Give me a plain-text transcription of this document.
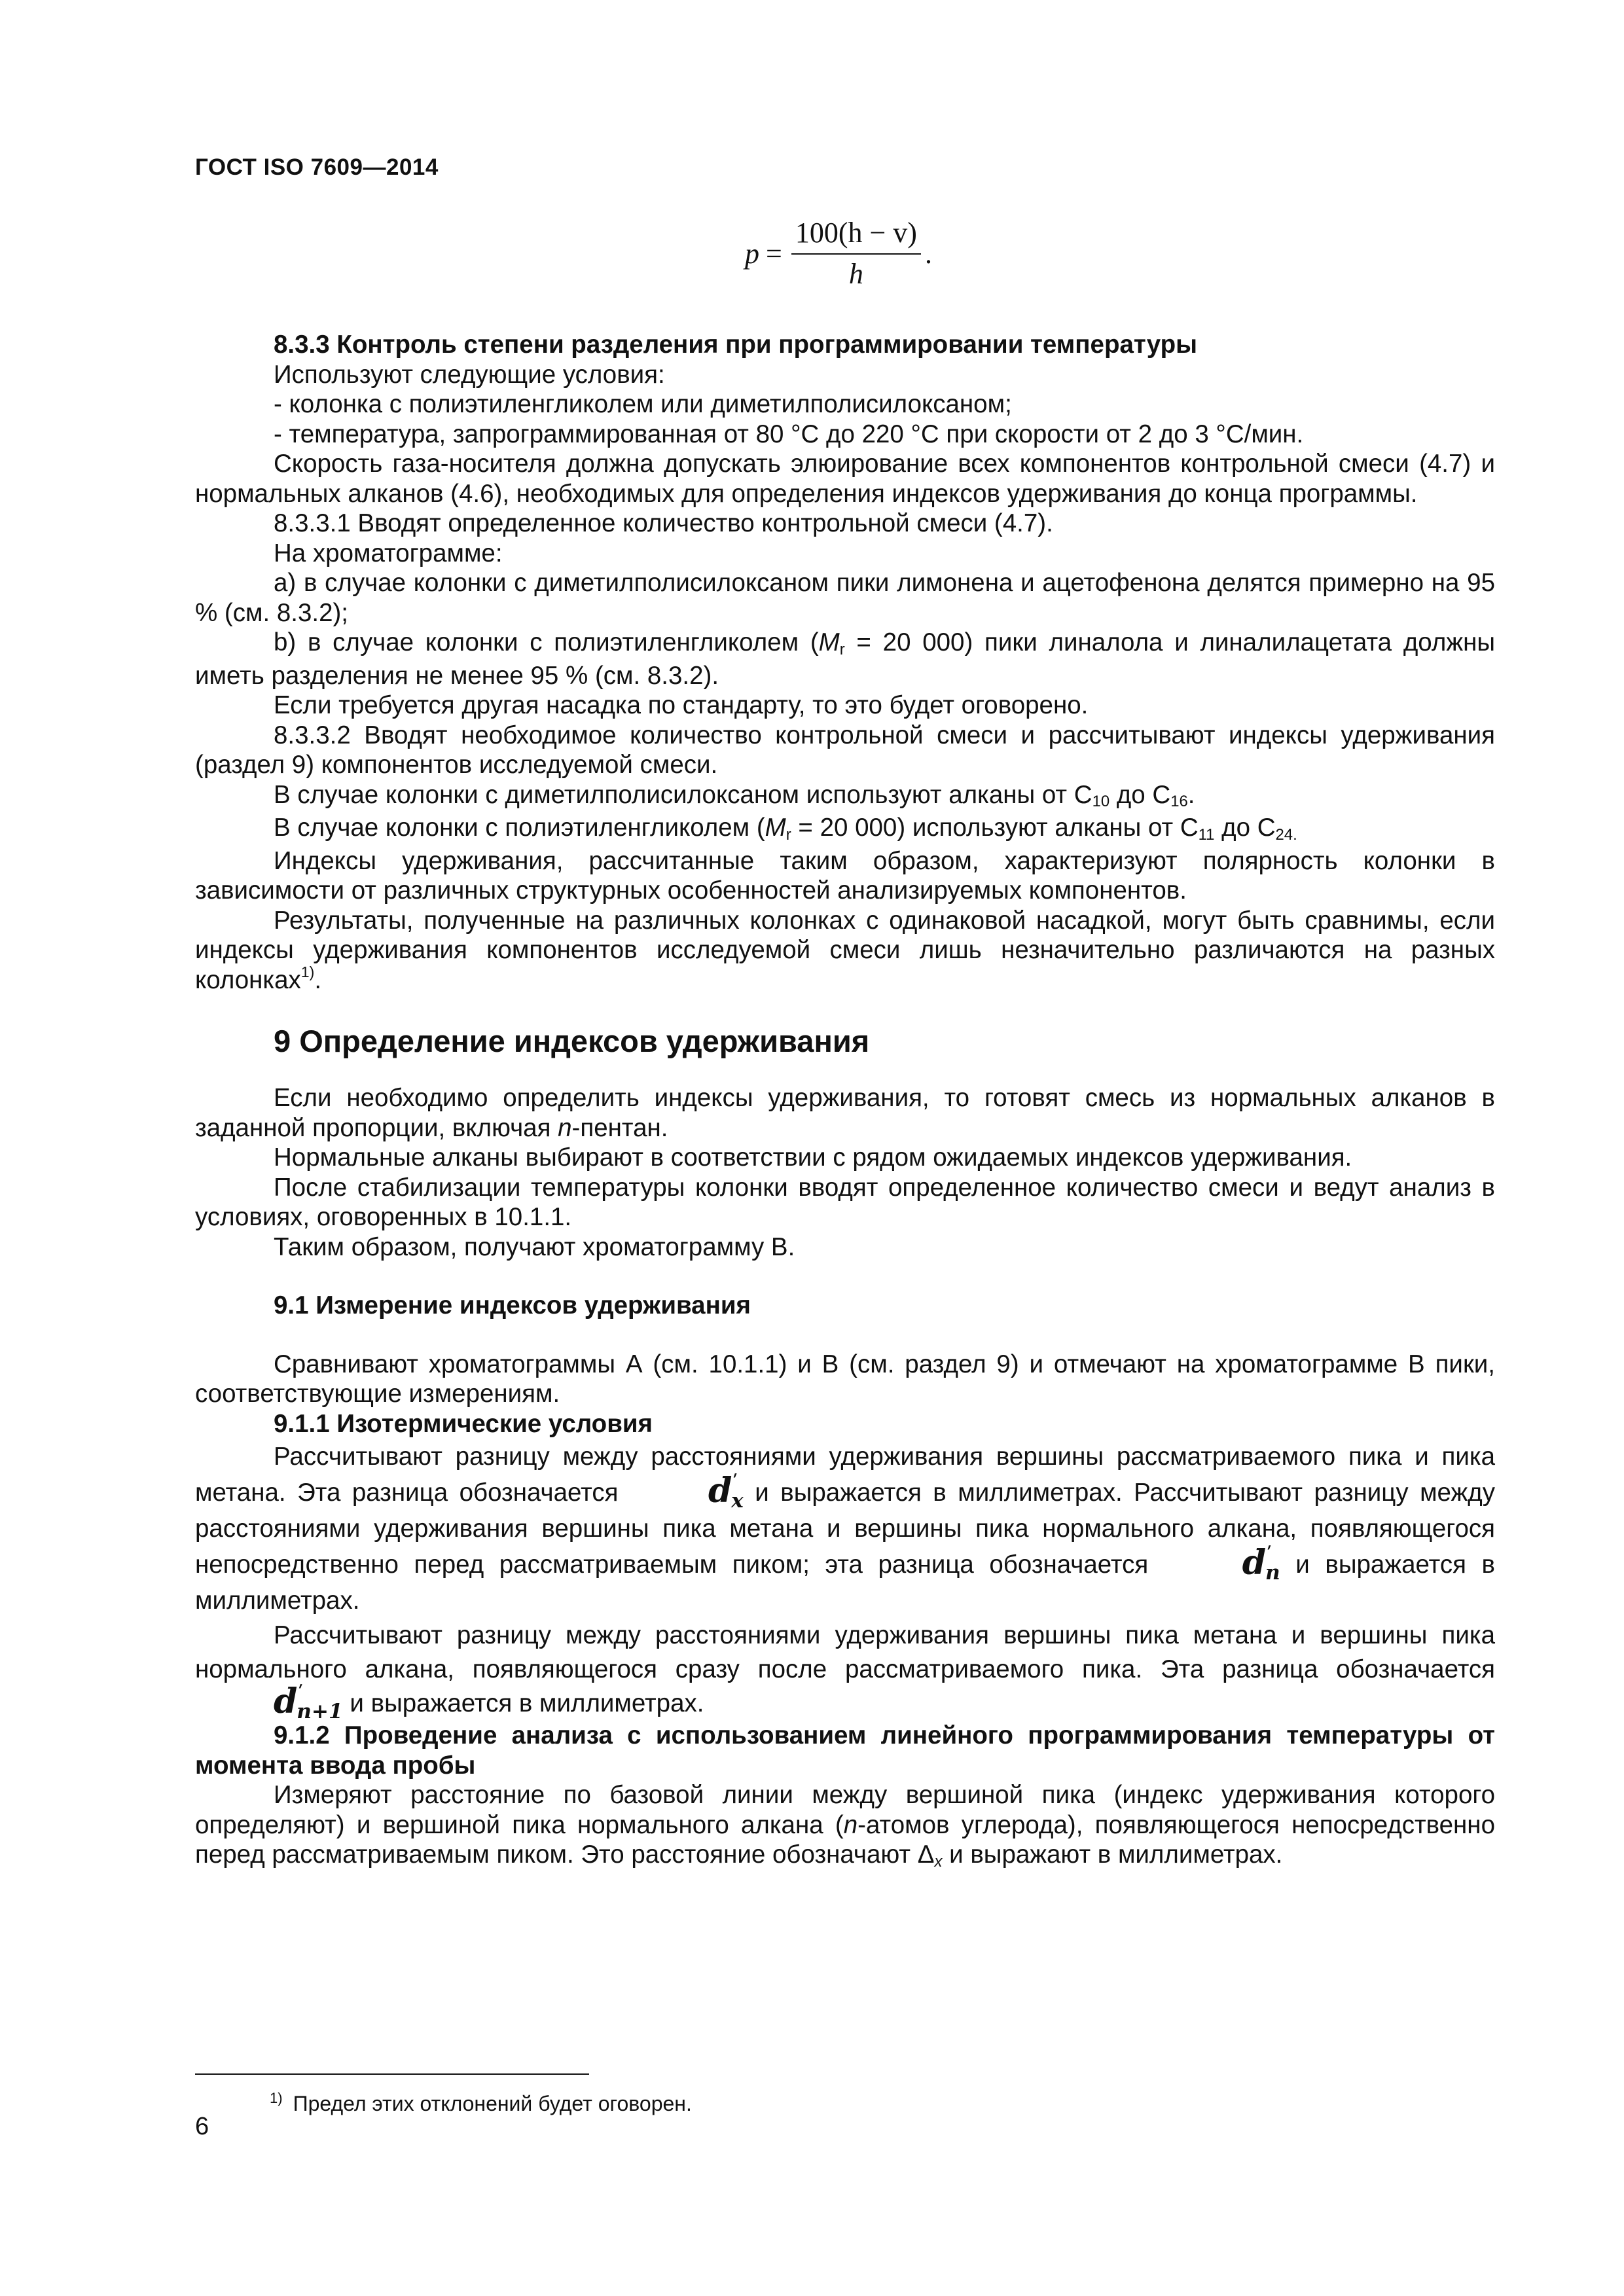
ГОСТ ISO 7609—2014
$p = \frac{100(h - v)}{h}$ .

8.3.3 Контроль степени разделения при программировании температуры

Используют следующие условия:

- колонка с полиэтиленгликолем или диметилполисилоксаном;

- температура, запрограммированная от 80 °С до 220 °С при скорости от 2 до 3 °С/мин.

Скорость газа-носителя должна допускать элюирование всех компонентов контрольной смеси (4.7) и нормальных алканов (4.6), необходимых для определения индексов удерживания до конца программы.

8.3.3.1 Вводят определенное количество контрольной смеси (4.7).

На хроматограмме:

а) в случае колонки с диметилполисилоксаном пики лимонена и ацетофенона делятся примерно на 95 % (см. 8.3.2);

b) в случае колонки с полиэтиленгликолем (Mr = 20 000) пики линалола и линалилацетата должны иметь разделения не менее 95 % (см. 8.3.2).

Если требуется другая насадка по стандарту, то это будет оговорено.

8.3.3.2 Вводят необходимое количество контрольной смеси и рассчитывают индексы удерживания (раздел 9) компонентов исследуемой смеси.

В случае колонки с диметилполисилоксаном используют алканы от С10 до С16.

В случае колонки с полиэтиленгликолем (Mr = 20 000) используют алканы от С11 до С24.

Индексы удерживания, рассчитанные таким образом, характеризуют полярность колонки в зависимости от различных структурных особенностей анализируемых компонентов.

Результаты, полученные на различных колонках с одинаковой насадкой, могут быть сравнимы, если индексы удерживания компонентов исследуемой смеси лишь незначительно различаются на разных колонках$^{1)}$.

9 Определение индексов удерживания

Если необходимо определить индексы удерживания, то готовят смесь из нормальных алканов в заданной пропорции, включая n-пентан.

Нормальные алканы выбирают в соответствии с рядом ожидаемых индексов удерживания.

После стабилизации температуры колонки вводят определенное количество смеси и ведут анализ в условиях, оговоренных в 10.1.1.

Таким образом, получают хроматограмму В.

9.1 Измерение индексов удерживания

Сравнивают хроматограммы А (см. 10.1.1) и В (см. раздел 9) и отмечают на хроматограмме В пики, соответствующие измерениям.

9.1.1 Изотермические условия

Рассчитывают разницу между расстояниями удерживания вершины рассматриваемого пика и пика метана. Эта разница обозначается $d^ʹx$ и выражается в миллиметрах. Рассчитывают разницу между расстояниями удерживания вершины пика метана и вершины пика нормального алкана, появляющегося непосредственно перед рассматриваемым пиком; эта разница обозначается $d^ʹn$ и выражается в миллиметрах.

Рассчитывают разницу между расстояниями удерживания вершины пика метана и вершины пика нормального алкана, появляющегося сразу после рассматриваемого пика. Эта разница обозначается $d^ʹn+1$ и выражается в миллиметрах.

9.1.2 Проведение анализа с использованием линейного программирования температуры от момента ввода пробы

Измеряют расстояние по базовой линии между вершиной пика (индекс удерживания которого определяют) и вершиной пика нормального алкана (n-атомов углерода), появляющегося непосредственно перед рассматриваемым пиком. Это расстояние обозначают Δx и выражают в миллиметрах.

$^{1)}$ Предел этих отклонений будет оговорен.
6
